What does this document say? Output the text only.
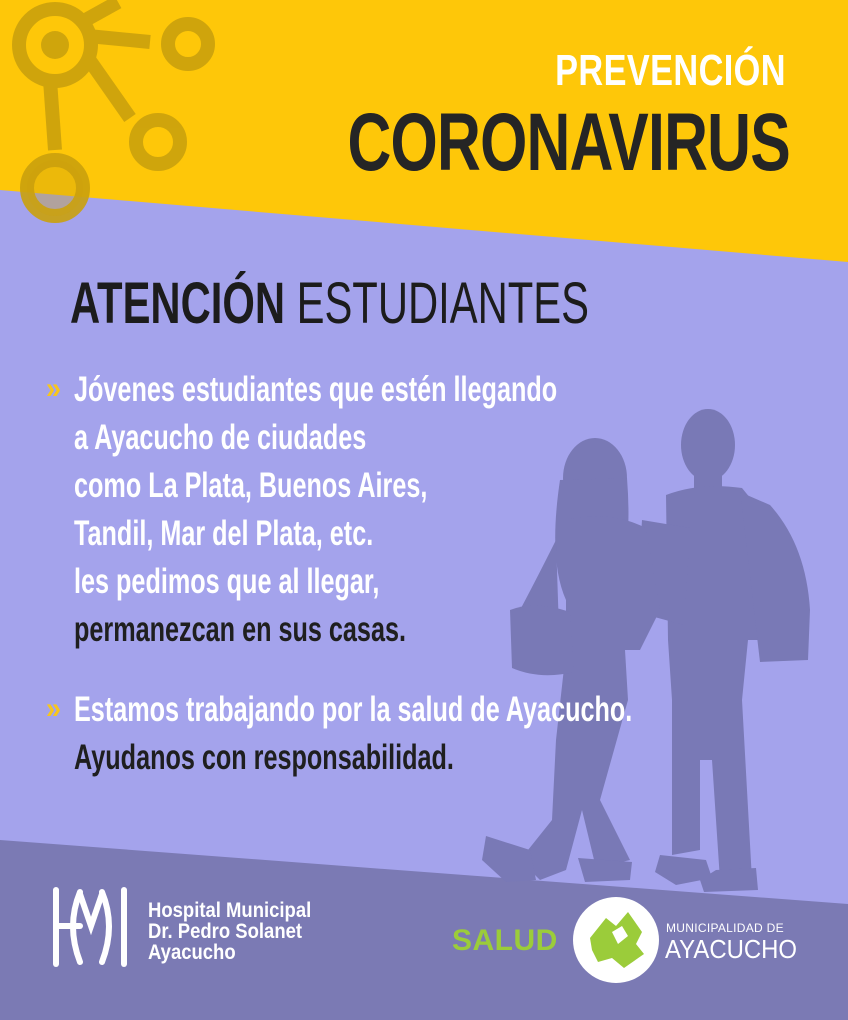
PREVENCIÓN
CORONAVIRUS
ATENCIÓN ESTUDIANTES
» Jóvenes estudiantes que estén llegando
a Ayacucho de ciudades
como La Plata, Buenos Aires,
Tandil, Mar del Plata, etc.
les pedimos que al llegar,
permanezcan en sus casas.
» Estamos trabajando por la salud de Ayacucho.
Ayudanos con responsabilidad.
Hospital Municipal
Dr. Pedro Solanet
Ayacucho	SALUD	MUNICIPALIDAD DE
AYACUCHO
